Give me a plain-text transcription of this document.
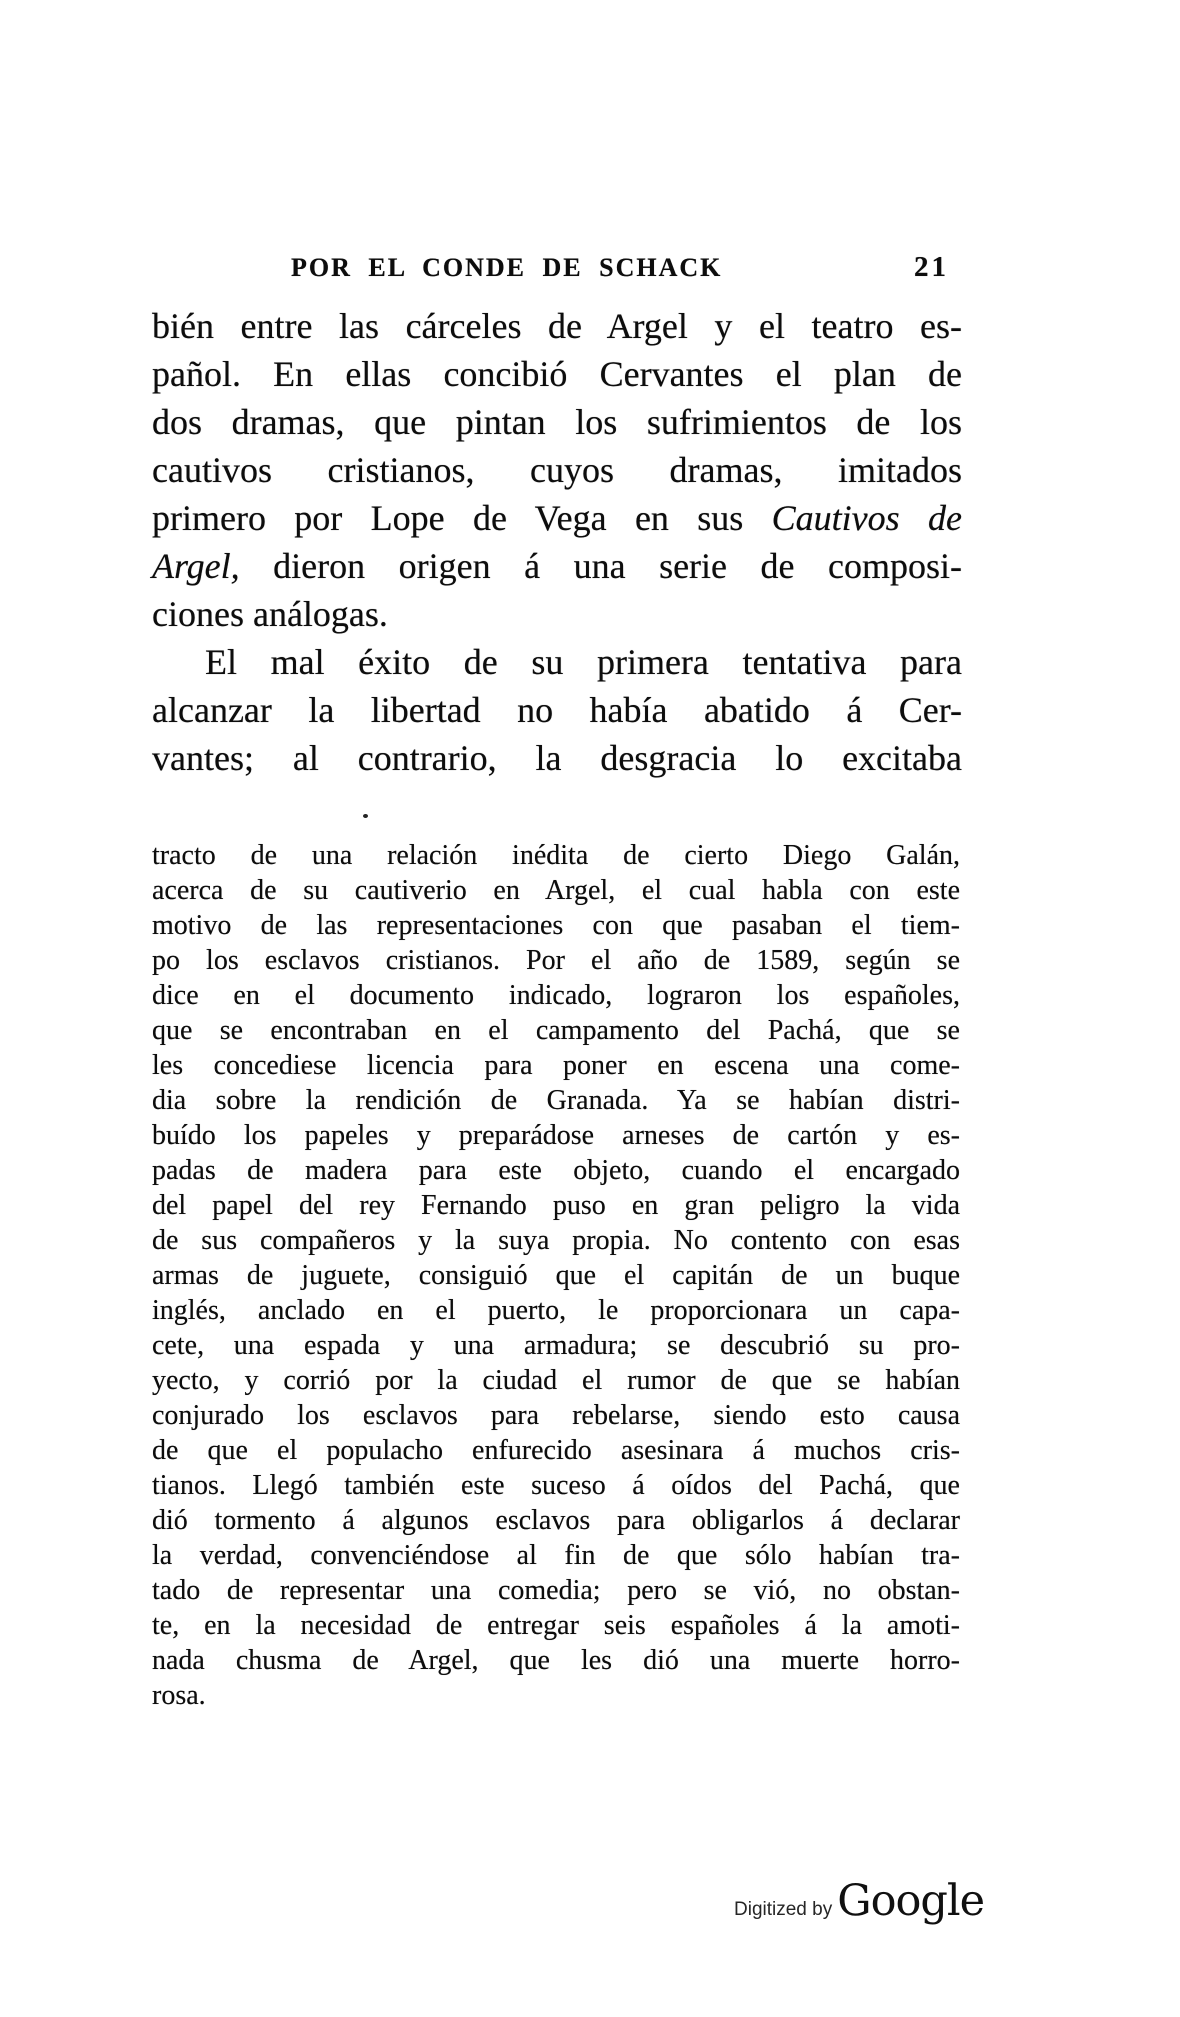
POR EL CONDE DE SCHACK	21
bién entre las cárceles de Argel y el teatro es-
pañol. En ellas concibió Cervantes el plan de
dos dramas, que pintan los sufrimientos de los
cautivos cristianos, cuyos dramas, imitados
primero por Lope de Vega en sus Cautivos de
Argel, dieron origen á una serie de composi-
ciones análogas.
El mal éxito de su primera tentativa para
alcanzar la libertad no había abatido á Cer-
vantes; al contrario, la desgracia lo excitaba
tracto de una relación inédita de cierto Diego Galán,
acerca de su cautiverio en Argel, el cual habla con este
motivo de las representaciones con que pasaban el tiem-
po los esclavos cristianos. Por el año de 1589, según se
dice en el documento indicado, lograron los españoles,
que se encontraban en el campamento del Pachá, que se
les concediese licencia para poner en escena una come-
dia sobre la rendición de Granada. Ya se habían distri-
buído los papeles y preparádose arneses de cartón y es-
padas de madera para este objeto, cuando el encargado
del papel del rey Fernando puso en gran peligro la vida
de sus compañeros y la suya propia. No contento con esas
armas de juguete, consiguió que el capitán de un buque
inglés, anclado en el puerto, le proporcionara un capa-
cete, una espada y una armadura; se descubrió su pro-
yecto, y corrió por la ciudad el rumor de que se habían
conjurado los esclavos para rebelarse, siendo esto causa
de que el populacho enfurecido asesinara á muchos cris-
tianos. Llegó también este suceso á oídos del Pachá, que
dió tormento á algunos esclavos para obligarlos á declarar
la verdad, convenciéndose al fin de que sólo habían tra-
tado de representar una comedia; pero se vió, no obstan-
te, en la necesidad de entregar seis españoles á la amoti-
nada chusma de Argel, que les dió una muerte horro-
rosa.
Digitized by Google
